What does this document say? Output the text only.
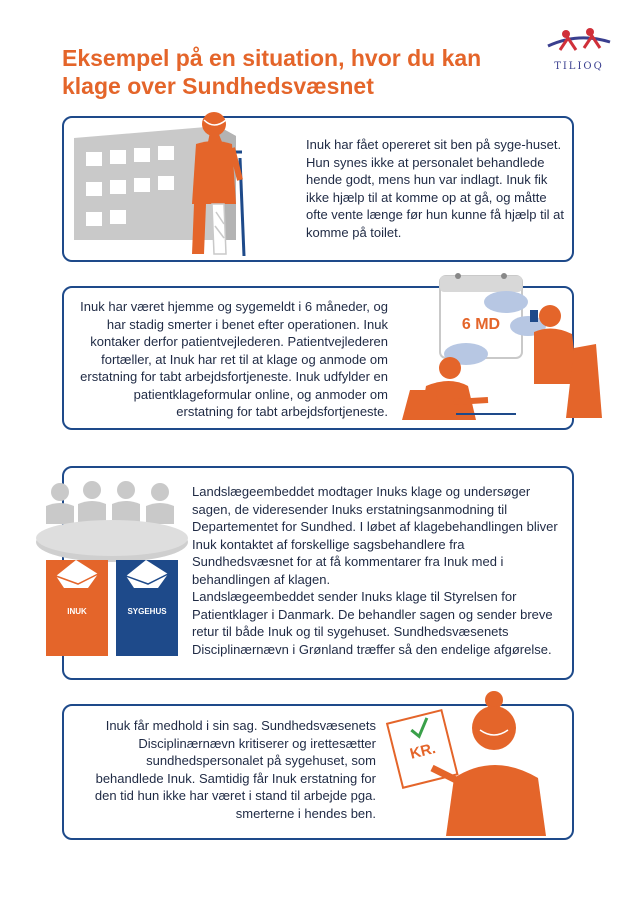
Eksempel på en situation, hvor du kan klage over Sundhedsvæsnet
TILIOQ
Inuk har fået opereret sit ben på syge-huset. Hun synes ikke at personalet behandlede hende godt, mens hun var indlagt. Inuk fik ikke hjælp til at komme op at gå, og måtte ofte vente længe før hun kunne få hjælp til at komme på toilet.
6 MD
Inuk har været hjemme og sygemeldt i 6 måneder, og har stadig smerter i benet efter operationen. Inuk kontaker derfor patientvejlederen. Patientvejlederen fortæller, at Inuk har ret til at klage og anmode om erstatning for tabt arbejdsfortjeneste. Inuk udfylder en patientklageformular online, og anmoder om erstatning for tabt arbejdsfortjeneste.
INUK	SYGEHUS
Landslægeembeddet modtager Inuks klage og undersøger sagen, de videresender Inuks erstatningsanmodning til Departementet for Sundhed. I løbet af klagebehandlingen bliver Inuk kontaktet af forskellige sagsbehandlere fra Sundhedsvæsnet for at få kommentarer fra Inuk med i behandlingen af klagen.
Landslægeembeddet sender Inuks klage til Styrelsen for Patientklager i Danmark. De behandler sagen og sender breve retur til både Inuk og til sygehuset. Sundhedsvæsenets Disciplinærnævn i Grønland træffer så den endelige afgørelse.
KR.
Inuk får medhold i sin sag. Sundhedsvæsenets Disciplinærnævn kritiserer og irettesætter sundhedspersonalet på sygehuset, som behandlede Inuk. Samtidig får Inuk erstatning for den tid hun ikke har været i stand til arbejde pga. smerterne i hendes ben.
